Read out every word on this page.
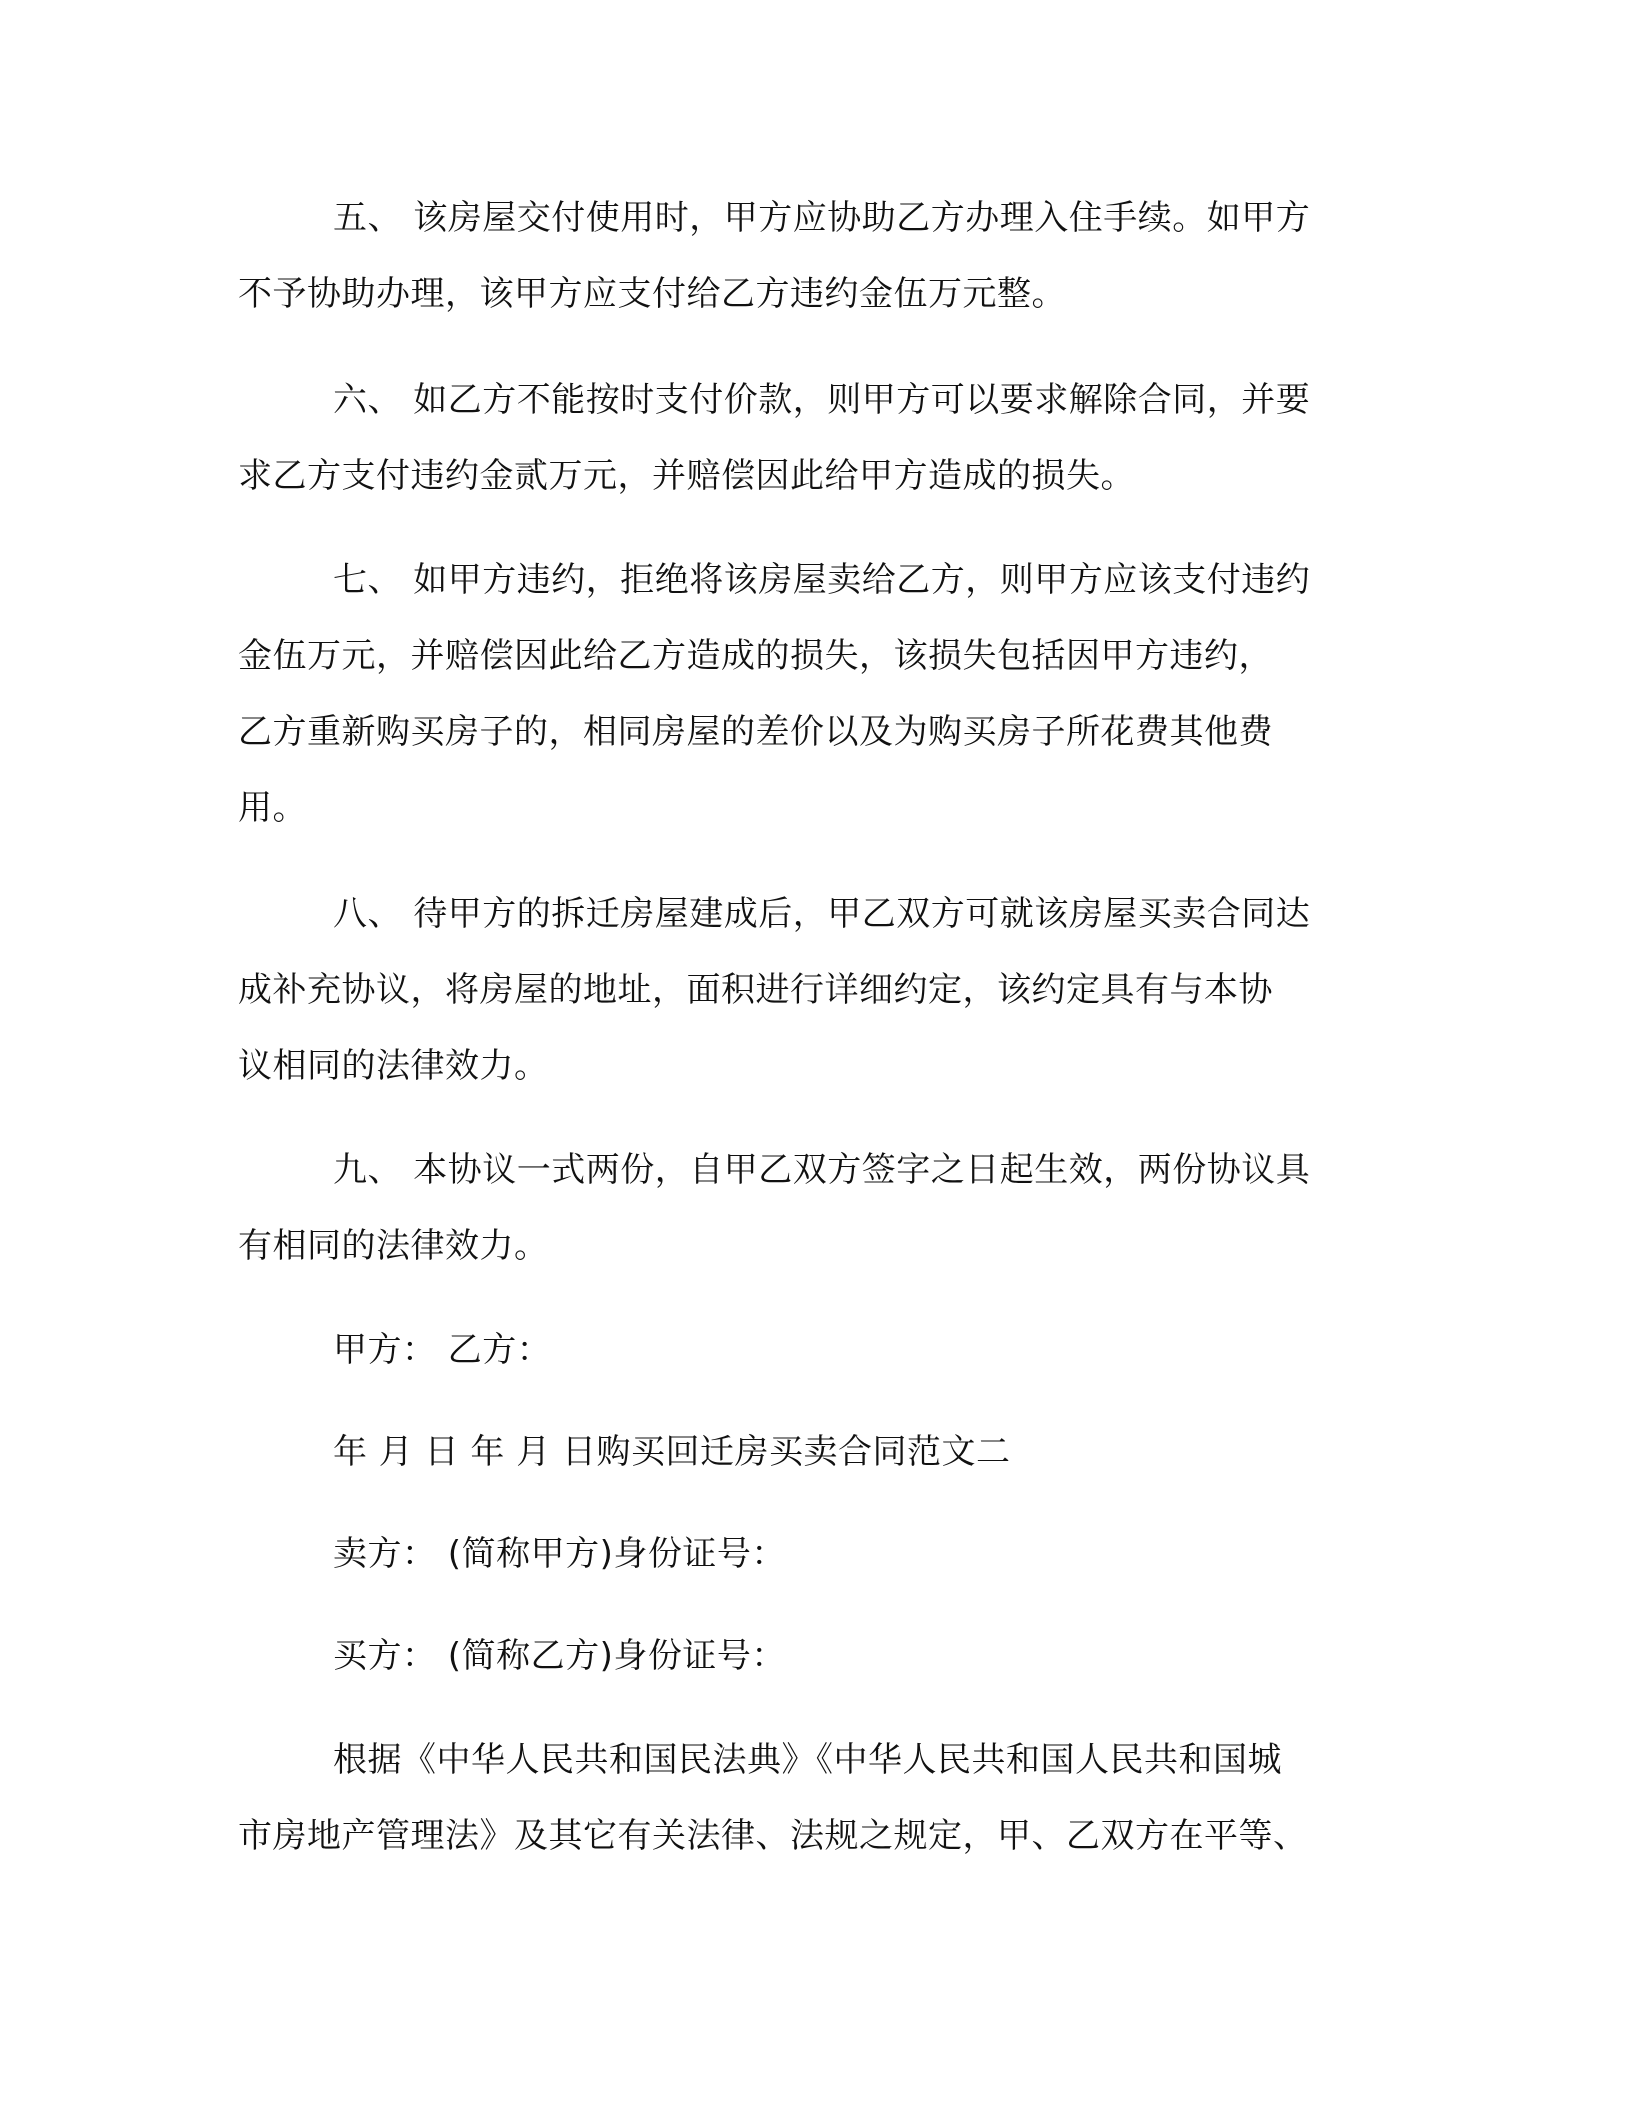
五、 该房屋交付使用时，甲方应协助乙方办理入住手续。如甲方
不予协助办理，该甲方应支付给乙方违约金伍万元整。
六、 如乙方不能按时支付价款，则甲方可以要求解除合同，并要
求乙方支付违约金贰万元，并赔偿因此给甲方造成的损失。
七、 如甲方违约，拒绝将该房屋卖给乙方，则甲方应该支付违约
金伍万元，并赔偿因此给乙方造成的损失，该损失包括因甲方违约，
乙方重新购买房子的，相同房屋的差价以及为购买房子所花费其他费
用。
八、 待甲方的拆迁房屋建成后，甲乙双方可就该房屋买卖合同达
成补充协议，将房屋的地址，面积进行详细约定，该约定具有与本协
议相同的法律效力。
九、 本协议一式两份，自甲乙双方签字之日起生效，两份协议具
有相同的法律效力。
甲方： 乙方：
年 月 日 年 月 日购买回迁房买卖合同范文二
卖方： (简称甲方)身份证号：
买方： (简称乙方)身份证号：
根据《中华人民共和国民法典》《中华人民共和国人民共和国城
市房地产管理法》及其它有关法律、法规之规定，甲、乙双方在平等、
